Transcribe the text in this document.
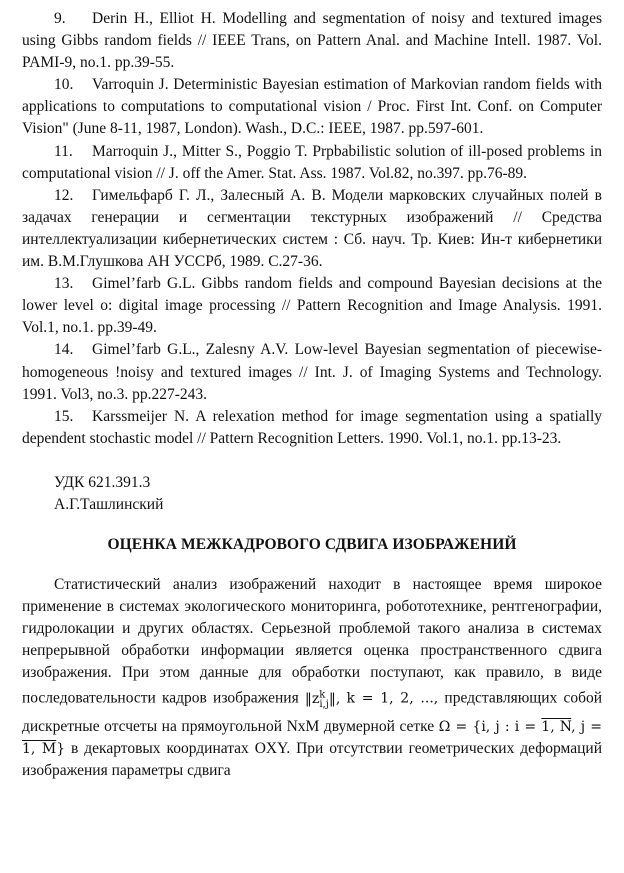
9. Derin H., Elliot H. Modelling and segmentation of noisy and textured images using Gibbs random fields // IEEE Trans, on Pattern Anal. and Machine Intell. 1987. Vol. PAMI-9, no.1. pp.39-55.

10. Varroquin J. Deterministic Bayesian estimation of Markovian random fields with applications to computations to computational vision / Proc. First Int. Conf. on Computer Vision" (June 8-11, 1987, London). Wash., D.C.: IEEE, 1987. pp.597-601.

11. Marroquin J., Mitter S., Poggio T. Prpbabilistic solution of ill-posed problems in computational vision // J. off the Amer. Stat. Ass. 1987. Vol.82, no.397. pp.76-89.

12. Гимельфарб Г. Л., Залесный А. В. Модели марковских случайных полей в задачах генерации и сегментации текстурных изображений // Средства интеллектуализации кибернетических систем : Сб. науч. Тр. Киев: Ин-т кибернетики им. В.М.Глушкова АН УССРб, 1989. С.27-36.

13. Gimel’farb G.L. Gibbs random fields and compound Bayesian decisions at the lower level o: digital image processing // Pattern Recognition and Image Analysis. 1991. Vol.1, no.1. pp.39-49.

14. Gimel’farb G.L., Zalesny A.V. Low-level Bayesian segmentation of piecewise-homogeneous !noisy and textured images // Int. J. of Imaging Systems and Technology. 1991. Vol3, no.3. pp.227-243.

15. Karssmeijer N. A relexation method for image segmentation using a spatially dependent stochastic model // Pattern Recognition Letters. 1990. Vol.1, no.1. pp.13-23.

УДК 621.391.3
А.Г.Ташлинский
ОЦЕНКА МЕЖКАДРОВОГО СДВИГА ИЗОБРАЖЕНИЙ

Статистический анализ изображений находит в настоящее время широкое применение в системах экологического мониторинга, робототехнике, рентгенографии, гидролокации и других областях. Серьезной проблемой такого анализа в системах непрерывной обработки информации является оценка пространственного сдвига изображения. При этом данные для обработки поступают, как правило, в виде последовательности кадров изображения $‖z^k_{i,j}‖$, k = 1, 2, ..., представляющих собой дискретные отсчеты на прямоугольной NxM двумерной сетке Ω = {i, j : i = 1, N, j = 1, M} в декартовых координатах OXY. При отсутствии геометрических деформаций изображения параметры сдвига
